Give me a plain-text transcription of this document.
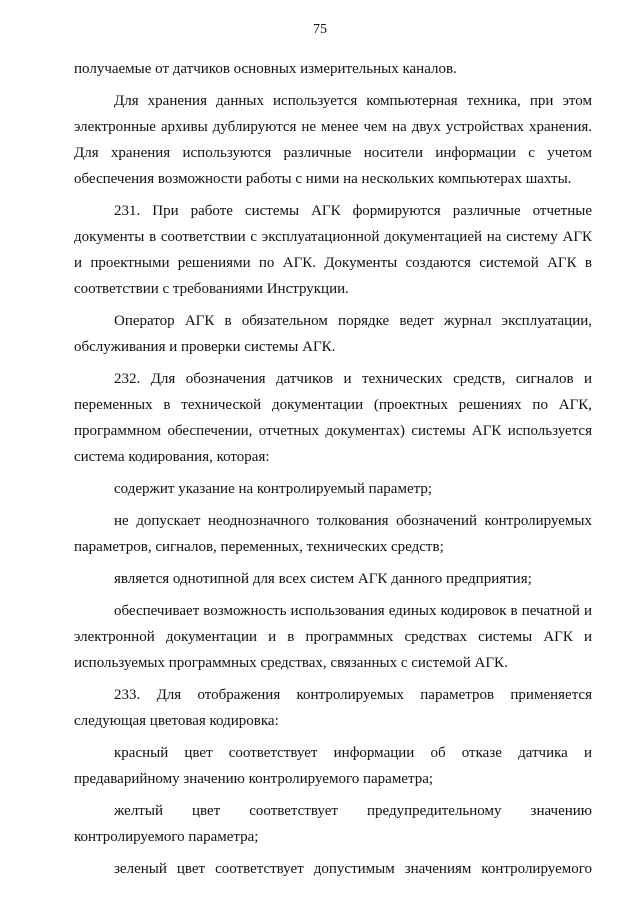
75

получаемые от датчиков основных измерительных каналов.

Для хранения данных используется компьютерная техника, при этом электронные архивы дублируются не менее чем на двух устройствах хранения. Для хранения используются различные носители информации с учетом обеспечения возможности работы с ними на нескольких компьютерах шахты.

231. При работе системы АГК формируются различные отчетные документы в соответствии с эксплуатационной документацией на систему АГК и проектными решениями по АГК. Документы создаются системой АГК в соответствии с требованиями Инструкции.

Оператор АГК в обязательном порядке ведет журнал эксплуатации, обслуживания и проверки системы АГК.

232. Для обозначения датчиков и технических средств, сигналов и переменных в технической документации (проектных решениях по АГК, программном обеспечении, отчетных документах) системы АГК используется система кодирования, которая:

содержит указание на контролируемый параметр;

не допускает неоднозначного толкования обозначений контролируемых параметров, сигналов, переменных, технических средств;

является однотипной для всех систем АГК данного предприятия;

обеспечивает возможность использования единых кодировок в печатной и электронной документации и в программных средствах системы АГК и используемых программных средствах, связанных с системой АГК.

233. Для отображения контролируемых параметров применяется следующая цветовая кодировка:

красный цвет соответствует информации об отказе датчика и предаварийному значению контролируемого параметра;

желтый цвет соответствует предупредительному значению контролируемого параметра;

зеленый цвет соответствует допустимым значениям контролируемого
